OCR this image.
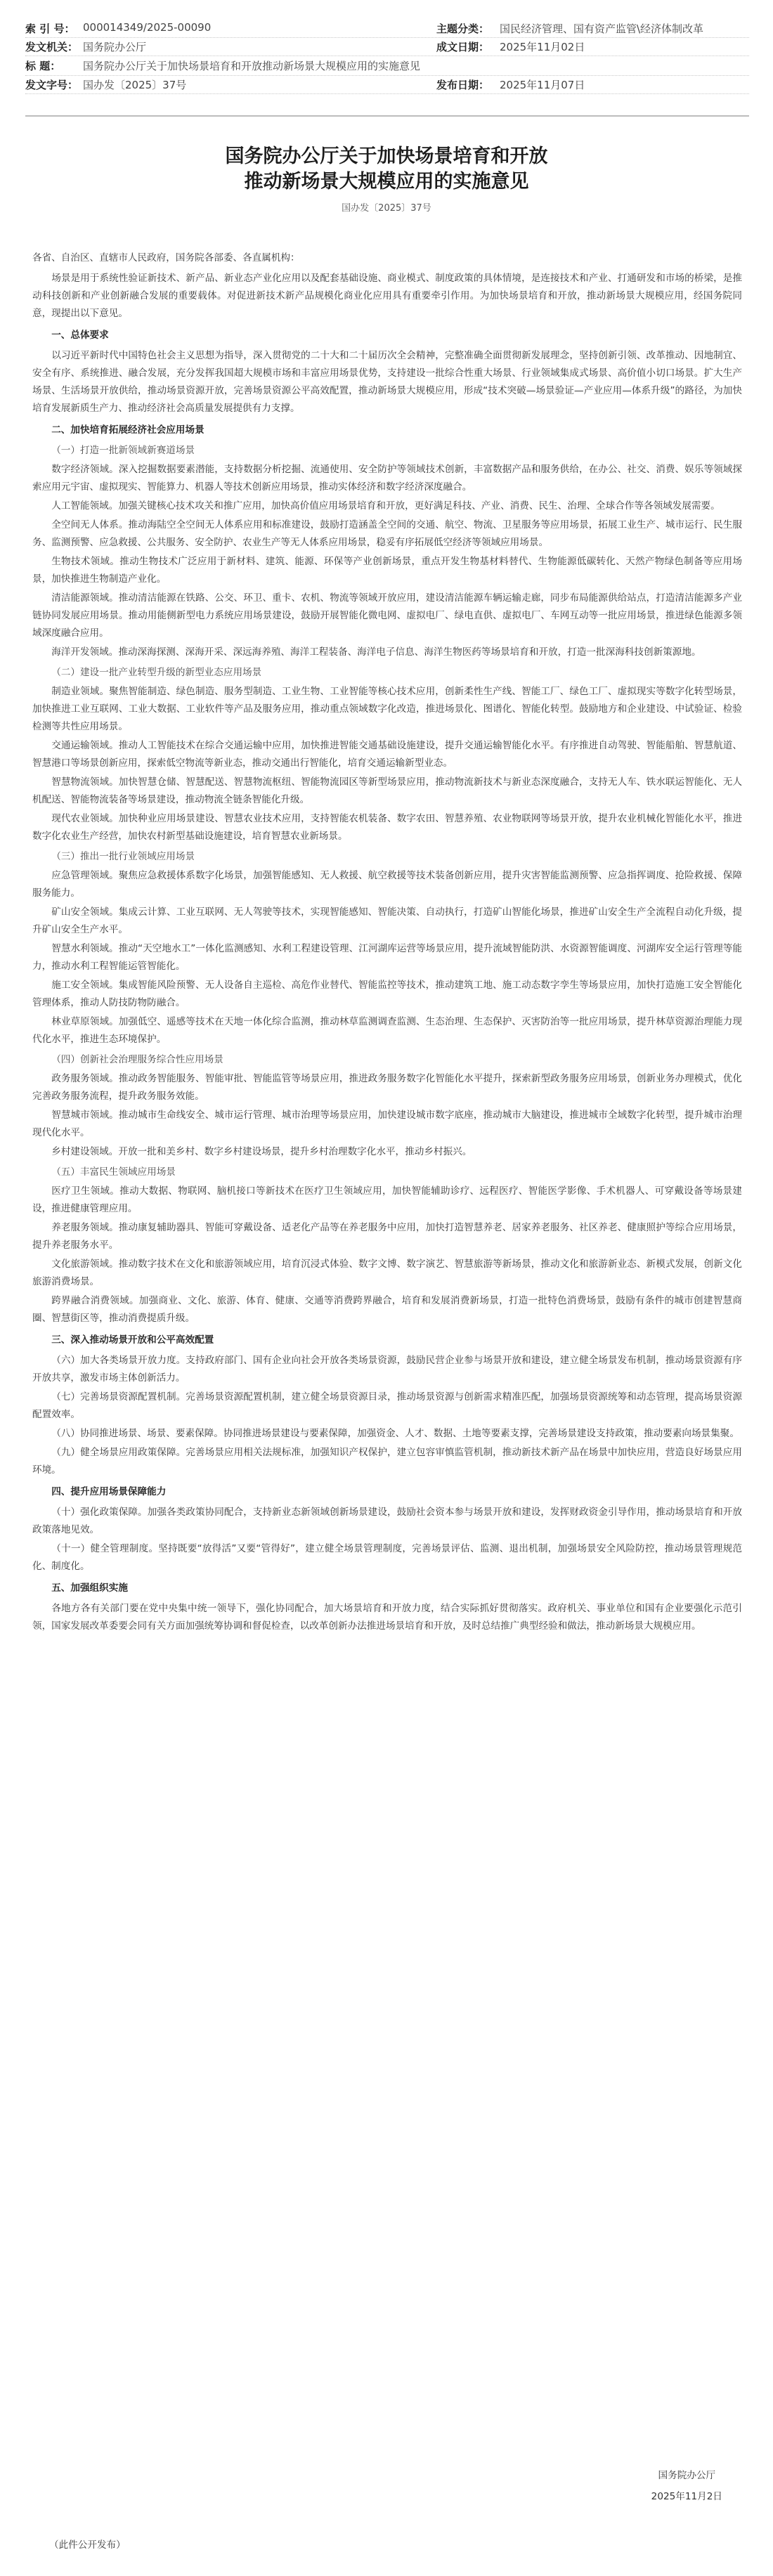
索 引 号： 000014349/2025-00090	主题分类： 国民经济管理、国有资产监管\经济体制改革
发文机关： 国务院办公厅	成文日期： 2025年11月02日
标 题：	国务院办公厅关于加快场景培育和开放推动新场景大规模应用的实施意见
发文字号： 国办发〔2025〕37号	发布日期： 2025年11月07日
国务院办公厅关于加快场景培育和开放
推动新场景大规模应用的实施意见
国办发〔2025〕37号

各省、自治区、直辖市人民政府，国务院各部委、各直属机构：

场景是用于系统性验证新技术、新产品、新业态产业化应用以及配套基础设施、商业模式、制度政策的具体情境，是连接技术和产业、打通研发和市场的桥梁，是推动科技创新和产业创新融合发展的重要载体。对促进新技术新产品规模化商业化应用具有重要牵引作用。为加快场景培育和开放，推动新场景大规模应用，经国务院同意，现提出以下意见。

一、总体要求

以习近平新时代中国特色社会主义思想为指导，深入贯彻党的二十大和二十届历次全会精神，完整准确全面贯彻新发展理念，坚持创新引领、改革推动、因地制宜、安全有序、系统推进、融合发展，充分发挥我国超大规模市场和丰富应用场景优势，支持建设一批综合性重大场景、行业领域集成式场景、高价值小切口场景。扩大生产场景、生活场景开放供给，推动场景资源开放，完善场景资源公平高效配置，推动新场景大规模应用，形成“技术突破—场景验证—产业应用—体系升级”的路径，为加快培育发展新质生产力、推动经济社会高质量发展提供有力支撑。

二、加快培育拓展经济社会应用场景

（一）打造一批新领域新赛道场景

数字经济领域。深入挖掘数据要素潜能，支持数据分析挖掘、流通使用、安全防护等领域技术创新，丰富数据产品和服务供给，在办公、社交、消费、娱乐等领域探索应用元宇宙、虚拟现实、智能算力、机器人等技术创新应用场景，推动实体经济和数字经济深度融合。

人工智能领域。加强关键核心技术攻关和推广应用，加快高价值应用场景培育和开放，更好满足科技、产业、消费、民生、治理、全球合作等各领域发展需要。

全空间无人体系。推动海陆空全空间无人体系应用和标准建设，鼓励打造涵盖全空间的交通、航空、物流、卫星服务等应用场景，拓展工业生产、城市运行、民生服务、监测预警、应急救援、公共服务、安全防护、农业生产等无人体系应用场景，稳妥有序拓展低空经济等领域应用场景。

生物技术领域。推动生物技术广泛应用于新材料、建筑、能源、环保等产业创新场景，重点开发生物基材料替代、生物能源低碳转化、天然产物绿色制备等应用场景，加快推进生物制造产业化。

清洁能源领域。推动清洁能源在铁路、公交、环卫、重卡、农机、物流等领域开放应用，建设清洁能源车辆运输走廊，同步布局能源供给站点，打造清洁能源多产业链协同发展应用场景。推动用能侧新型电力系统应用场景建设，鼓励开展智能化微电网、虚拟电厂、绿电直供、虚拟电厂、车网互动等一批应用场景，推进绿色能源多领域深度融合应用。

海洋开发领域。推动深海探测、深海开采、深远海养殖、海洋工程装备、海洋电子信息、海洋生物医药等场景培育和开放，打造一批深海科技创新策源地。

（二）建设一批产业转型升级的新型业态应用场景

制造业领域。聚焦智能制造、绿色制造、服务型制造、工业生物、工业智能等核心技术应用，创新柔性生产线、智能工厂、绿色工厂、虚拟现实等数字化转型场景，加快推进工业互联网、工业大数据、工业软件等产品及服务应用，推动重点领域数字化改造，推进场景化、图谱化、智能化转型。鼓励地方和企业建设、中试验证、检验检测等共性应用场景。

交通运输领域。推动人工智能技术在综合交通运输中应用，加快推进智能交通基础设施建设，提升交通运输智能化水平。有序推进自动驾驶、智能船舶、智慧航道、智慧港口等场景创新应用，探索低空物流等新业态，推动交通出行智能化，培育交通运输新型业态。

智慧物流领域。加快智慧仓储、智慧配送、智慧物流枢纽、智能物流园区等新型场景应用，推动物流新技术与新业态深度融合，支持无人车、铁水联运智能化、无人机配送、智能物流装备等场景建设，推动物流全链条智能化升级。

现代农业领域。加快种业应用场景建设、智慧农业技术应用，支持智能农机装备、数字农田、智慧养殖、农业物联网等场景开放，提升农业机械化智能化水平，推进数字化农业生产经营，加快农村新型基础设施建设，培育智慧农业新场景。

（三）推出一批行业领域应用场景

应急管理领域。聚焦应急救援体系数字化场景，加强智能感知、无人救援、航空救援等技术装备创新应用，提升灾害智能监测预警、应急指挥调度、抢险救援、保障服务能力。

矿山安全领域。集成云计算、工业互联网、无人驾驶等技术，实现智能感知、智能决策、自动执行，打造矿山智能化场景，推进矿山安全生产全流程自动化升级，提升矿山安全生产水平。

智慧水利领域。推动“天空地水工”一体化监测感知、水利工程建设管理、江河湖库运营等场景应用，提升流域智能防洪、水资源智能调度、河湖库安全运行管理等能力，推动水利工程智能运管智能化。

施工安全领域。集成智能风险预警、无人设备自主巡检、高危作业替代、智能监控等技术，推动建筑工地、施工动态数字孪生等场景应用，加快打造施工安全智能化管理体系，推动人防技防物防融合。

林业草原领域。加强低空、遥感等技术在天地一体化综合监测，推动林草监测调查监测、生态治理、生态保护、灭害防治等一批应用场景，提升林草资源治理能力现代化水平，推进生态环境保护。

（四）创新社会治理服务综合性应用场景

政务服务领域。推动政务智能服务、智能审批、智能监管等场景应用，推进政务服务数字化智能化水平提升，探索新型政务服务应用场景，创新业务办理模式，优化完善政务服务流程，提升政务服务效能。

智慧城市领域。推动城市生命线安全、城市运行管理、城市治理等场景应用，加快建设城市数字底座，推动城市大脑建设，推进城市全域数字化转型，提升城市治理现代化水平。

乡村建设领域。开放一批和美乡村、数字乡村建设场景，提升乡村治理数字化水平，推动乡村振兴。

（五）丰富民生领域应用场景

医疗卫生领域。推动大数据、物联网、脑机接口等新技术在医疗卫生领域应用，加快智能辅助诊疗、远程医疗、智能医学影像、手术机器人、可穿戴设备等场景建设，推进健康管理应用。

养老服务领域。推动康复辅助器具、智能可穿戴设备、适老化产品等在养老服务中应用，加快打造智慧养老、居家养老服务、社区养老、健康照护等综合应用场景，提升养老服务水平。

文化旅游领域。推动数字技术在文化和旅游领域应用，培育沉浸式体验、数字文博、数字演艺、智慧旅游等新场景，推动文化和旅游新业态、新模式发展，创新文化旅游消费场景。

跨界融合消费领域。加强商业、文化、旅游、体育、健康、交通等消费跨界融合，培育和发展消费新场景，打造一批特色消费场景，鼓励有条件的城市创建智慧商圈、智慧街区等，推动消费提质升级。

三、深入推动场景开放和公平高效配置

（六）加大各类场景开放力度。支持政府部门、国有企业向社会开放各类场景资源，鼓励民营企业参与场景开放和建设，建立健全场景发布机制，推动场景资源有序开放共享，激发市场主体创新活力。

（七）完善场景资源配置机制。完善场景资源配置机制，建立健全场景资源目录，推动场景资源与创新需求精准匹配，加强场景资源统筹和动态管理，提高场景资源配置效率。

（八）协同推进场景、场景、要素保障。协同推进场景建设与要素保障，加强资金、人才、数据、土地等要素支撑，完善场景建设支持政策，推动要素向场景集聚。

（九）健全场景应用政策保障。完善场景应用相关法规标准，加强知识产权保护，建立包容审慎监管机制，推动新技术新产品在场景中加快应用，营造良好场景应用环境。

四、提升应用场景保障能力

（十）强化政策保障。加强各类政策协同配合，支持新业态新领域创新场景建设，鼓励社会资本参与场景开放和建设，发挥财政资金引导作用，推动场景培育和开放政策落地见效。

（十一）健全管理制度。坚持既要“放得活”又要“管得好”，建立健全场景管理制度，完善场景评估、监测、退出机制，加强场景安全风险防控，推动场景管理规范化、制度化。

五、加强组织实施

各地方各有关部门要在党中央集中统一领导下，强化协同配合，加大场景培育和开放力度，结合实际抓好贯彻落实。政府机关、事业单位和国有企业要强化示范引领，国家发展改革委要会同有关方面加强统筹协调和督促检查，以改革创新办法推进场景培育和开放，及时总结推广典型经验和做法，推动新场景大规模应用。

国务院办公厅
2025年11月2日
（此件公开发布）
